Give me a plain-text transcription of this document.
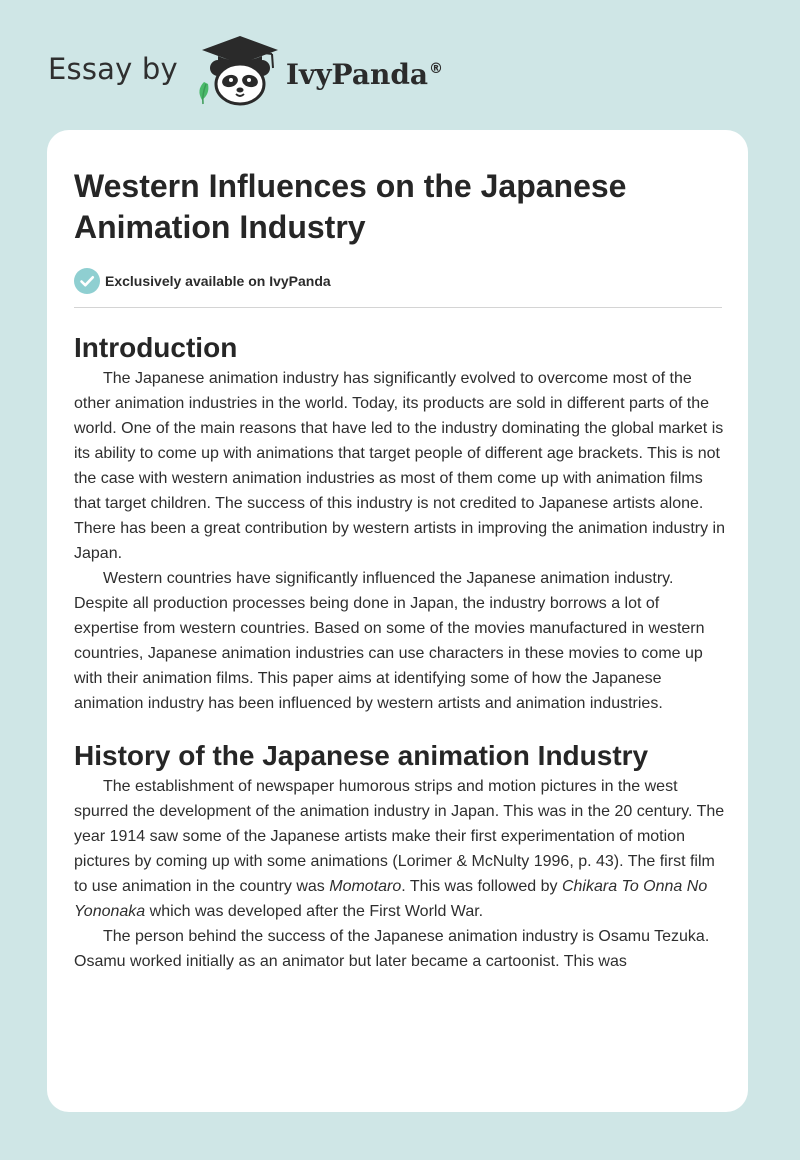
Essay by	IvyPanda®
Western Influences on the Japanese Animation Industry
Exclusively available on IvyPanda
Introduction

The Japanese animation industry has significantly evolved to overcome most of the other animation industries in the world. Today, its products are sold in different parts of the world. One of the main reasons that have led to the industry dominating the global market is its ability to come up with animations that target people of different age brackets. This is not the case with western animation industries as most of them come up with animation films that target children. The success of this industry is not credited to Japanese artists alone. There has been a great contribution by western artists in improving the animation industry in Japan.

Western countries have significantly influenced the Japanese animation industry. Despite all production processes being done in Japan, the industry borrows a lot of expertise from western countries. Based on some of the movies manufactured in western countries, Japanese animation industries can use characters in these movies to come up with their animation films. This paper aims at identifying some of how the Japanese animation industry has been influenced by western artists and animation industries.

History of the Japanese animation Industry

The establishment of newspaper humorous strips and motion pictures in the west spurred the development of the animation industry in Japan. This was in the 20 century. The year 1914 saw some of the Japanese artists make their first experimentation of motion pictures by coming up with some animations (Lorimer & McNulty 1996, p. 43). The first film to use animation in the country was Momotaro. This was followed by Chikara To Onna No Yononaka which was developed after the First World War.

The person behind the success of the Japanese animation industry is Osamu Tezuka. Osamu worked initially as an animator but later became a cartoonist. This was
